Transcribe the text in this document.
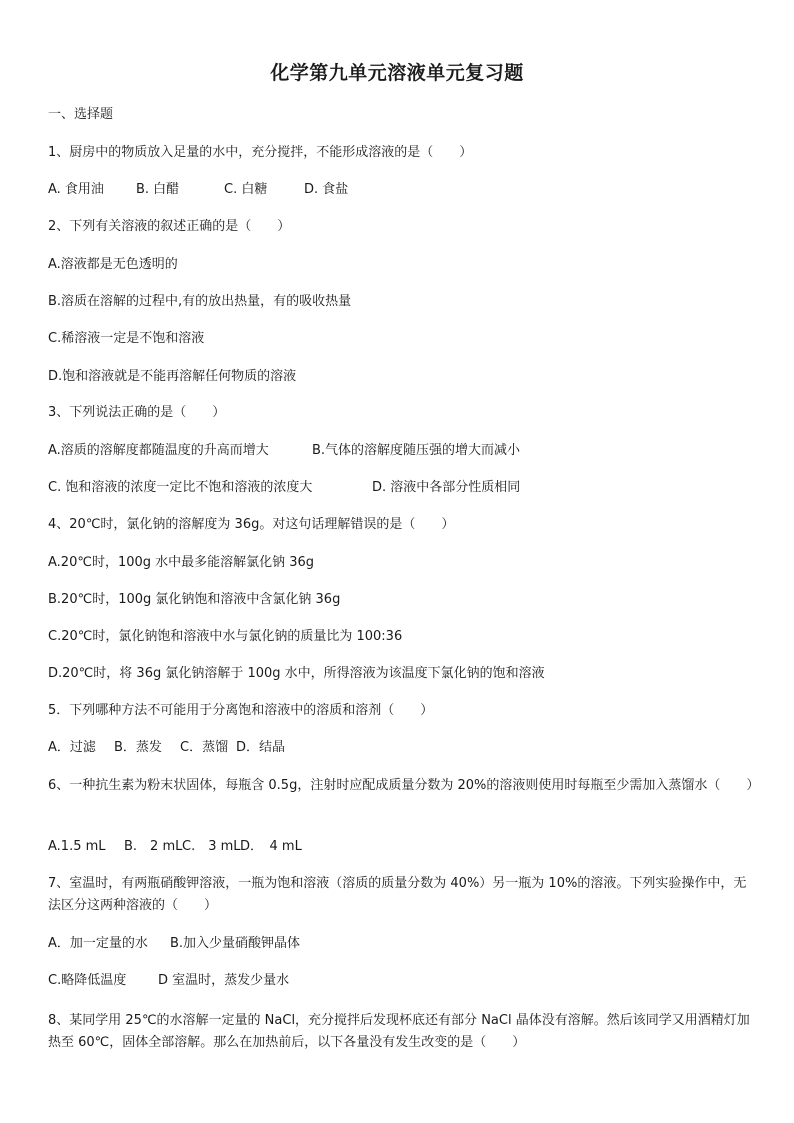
化学第九单元溶液单元复习题
一、选择题
1、厨房中的物质放入足量的水中，充分搅拌，不能形成溶液的是（　　）
A. 食用油 B. 白醋	C. 白糖	D. 食盐
2、下列有关溶液的叙述正确的是（　　）
A.溶液都是无色透明的
B.溶质在溶解的过程中,有的放出热量，有的吸收热量
C.稀溶液一定是不饱和溶液
D.饱和溶液就是不能再溶解任何物质的溶液
3、下列说法正确的是（　　）
A.溶质的溶解度都随温度的升高而增大	B.气体的溶解度随压强的增大而减小
C. 饱和溶液的浓度一定比不饱和溶液的浓度大	D. 溶液中各部分性质相同
4、20℃时，氯化钠的溶解度为 36g。对这句话理解错误的是（　　）
A.20℃时，100g 水中最多能溶解氯化钠 36g
B.20℃时，100g 氯化钠饱和溶液中含氯化钠 36g
C.20℃时，氯化钠饱和溶液中水与氯化钠的质量比为 100:36
D.20℃时，将 36g 氯化钠溶解于 100g 水中，所得溶液为该温度下氯化钠的饱和溶液
5．下列哪种方法不可能用于分离饱和溶液中的溶质和溶剂（　　）
A．过滤 B．蒸发 C．蒸馏 D．结晶
6、一种抗生素为粉末状固体，每瓶含 0.5g，注射时应配成质量分数为 20%的溶液则使用时每瓶至少需加入蒸馏水（　　）
A.1.5 mL B.　2 mLC.　3 mLD．　4 mL
7、室温时，有两瓶硝酸钾溶液，一瓶为饱和溶液（溶质的质量分数为 40%）另一瓶为 10%的溶液。下列实验操作中，无法区分这两种溶液的（　　）
A．加一定量的水 B.加入少量硝酸钾晶体
C.略降低温度 D 室温时，蒸发少量水
8、某同学用 25℃的水溶解一定量的 NaCl，充分搅拌后发现杯底还有部分 NaCl 晶体没有溶解。然后该同学又用酒精灯加热至 60℃，固体全部溶解。那么在加热前后，以下各量没有发生改变的是（　　）
